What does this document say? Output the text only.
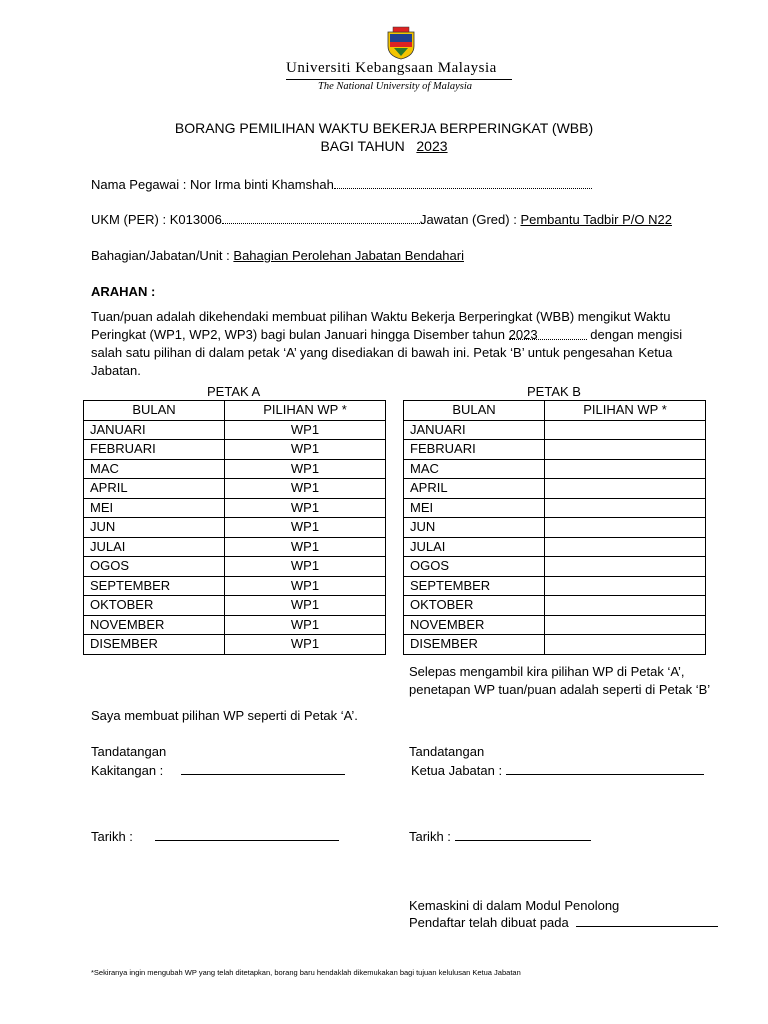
Universiti Kebangsaan Malaysia
The National University of Malaysia
BORANG PEMILIHAN WAKTU BEKERJA BERPERINGKAT (WBB)
BAGI TAHUN 2023
Nama Pegawai : Nor Irma binti Khamshah
UKM (PER) : K013006	Jawatan (Gred) : Pembantu Tadbir P/O N22
Bahagian/Jabatan/Unit : Bahagian Perolehan Jabatan Bendahari
ARAHAN :
Tuan/puan adalah dikehendaki membuat pilihan Waktu Bekerja Berperingkat (WBB) mengikut Waktu Peringkat (WP1, WP2, WP3) bagi bulan Januari hingga Disember tahun 2023	dengan mengisi salah satu pilihan di dalam petak ‘A’ yang disediakan di bawah ini. Petak ‘B’ untuk pengesahan Ketua Jabatan.
PETAK A
BULAN	PILIHAN WP *
JANUARI	WP1
FEBRUARI	WP1
MAC	WP1
APRIL	WP1
MEI	WP1
JUN	WP1
JULAI	WP1
OGOS	WP1
SEPTEMBER	WP1
OKTOBER	WP1
NOVEMBER	WP1
DISEMBER	WP1
PETAK B
BULAN	PILIHAN WP *
JANUARI	
FEBRUARI	
MAC	
APRIL	
MEI	
JUN	
JULAI	
OGOS	
SEPTEMBER	
OKTOBER	
NOVEMBER	
DISEMBER	
Selepas mengambil kira pilihan WP di Petak ‘A’,
penetapan WP tuan/puan adalah seperti di Petak ‘B’
Saya membuat pilihan WP seperti di Petak ‘A’.
Tandatangan
Kakitangan :
Tarikh :
Tandatangan
Ketua Jabatan :
Tarikh :
Kemaskini di dalam Modul Penolong
Pendaftar telah dibuat pada
*Sekiranya ingin mengubah WP yang telah ditetapkan, borang baru hendaklah dikemukakan bagi tujuan kelulusan Ketua Jabatan
